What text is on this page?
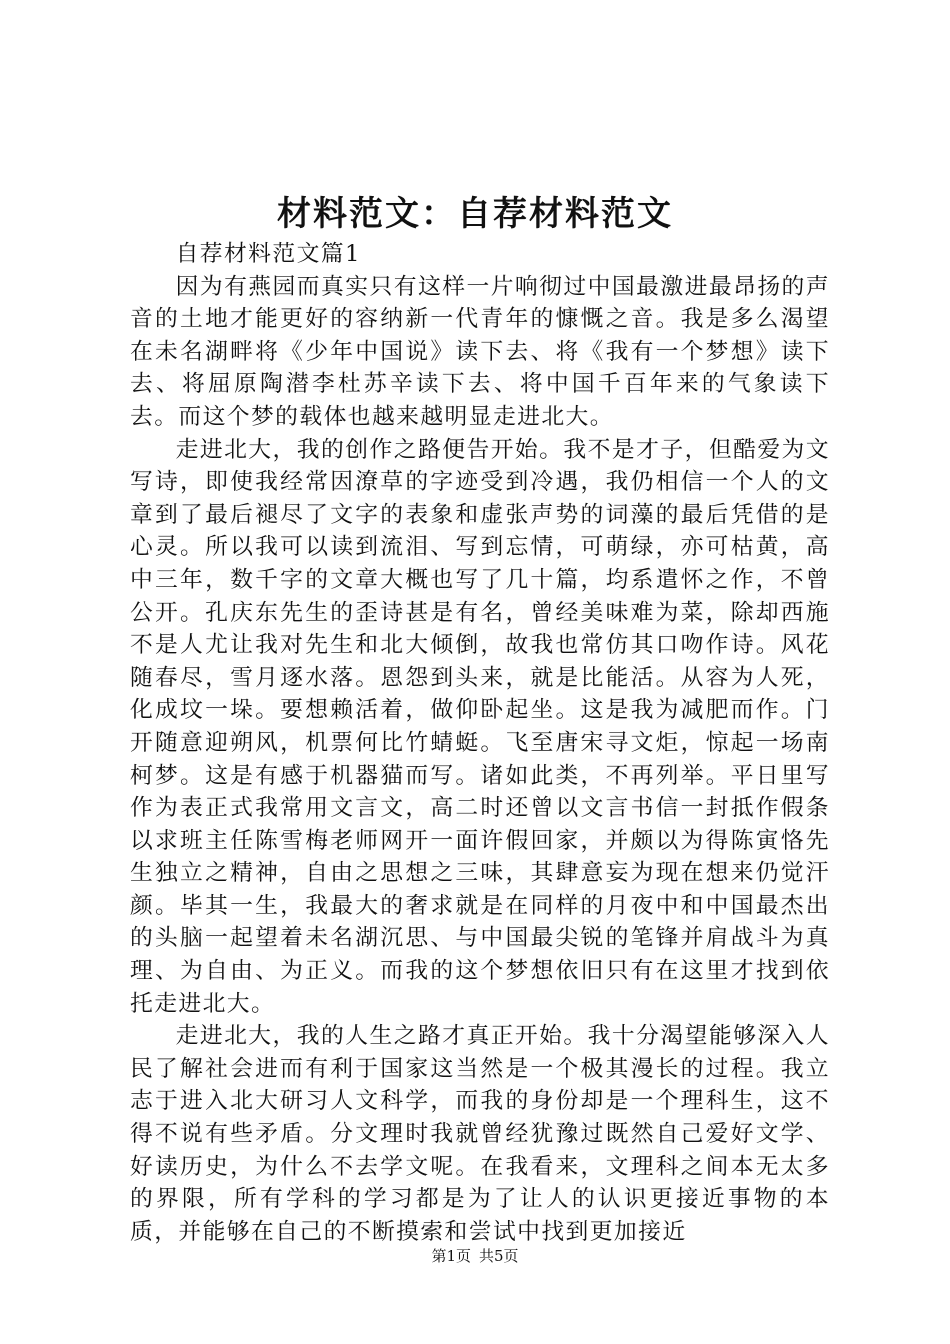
材料范文：自荐材料范文

自荐材料范文篇1

因为有燕园而真实只有这样一片响彻过中国最激进最昂扬的声音的土地才能更好的容纳新一代青年的慷慨之音。我是多么渴望在未名湖畔将《少年中国说》读下去、将《我有一个梦想》读下去、将屈原陶潜李杜苏辛读下去、将中国千百年来的气象读下去。而这个梦的载体也越来越明显走进北大。

走进北大，我的创作之路便告开始。我不是才子，但酷爱为文写诗，即使我经常因潦草的字迹受到冷遇，我仍相信一个人的文章到了最后褪尽了文字的表象和虚张声势的词藻的最后凭借的是心灵。所以我可以读到流泪、写到忘情，可萌绿，亦可枯黄，高中三年，数千字的文章大概也写了几十篇，均系遣怀之作，不曾公开。孔庆东先生的歪诗甚是有名，曾经美味难为菜，除却西施不是人尤让我对先生和北大倾倒，故我也常仿其口吻作诗。风花随春尽，雪月逐水落。恩怨到头来，就是比能活。从容为人死，化成坟一垛。要想赖活着，做仰卧起坐。这是我为减肥而作。门开随意迎朔风，机票何比竹蜻蜓。飞至唐宋寻文炬，惊起一场南柯梦。这是有感于机器猫而写。诸如此类，不再列举。平日里写作为表正式我常用文言文，高二时还曾以文言书信一封抵作假条以求班主任陈雪梅老师网开一面许假回家，并颇以为得陈寅恪先生独立之精神，自由之思想之三味，其肆意妄为现在想来仍觉汗颜。毕其一生，我最大的奢求就是在同样的月夜中和中国最杰出的头脑一起望着未名湖沉思、与中国最尖锐的笔锋并肩战斗为真理、为自由、为正义。而我的这个梦想依旧只有在这里才找到依托走进北大。

走进北大，我的人生之路才真正开始。我十分渴望能够深入人民了解社会进而有利于国家这当然是一个极其漫长的过程。我立志于进入北大研习人文科学，而我的身份却是一个理科生，这不得不说有些矛盾。分文理时我就曾经犹豫过既然自己爱好文学、好读历史，为什么不去学文呢。在我看来，文理科之间本无太多的界限，所有学科的学习都是为了让人的认识更接近事物的本质，并能够在自己的不断摸索和尝试中找到更加接近

第1页 共5页
